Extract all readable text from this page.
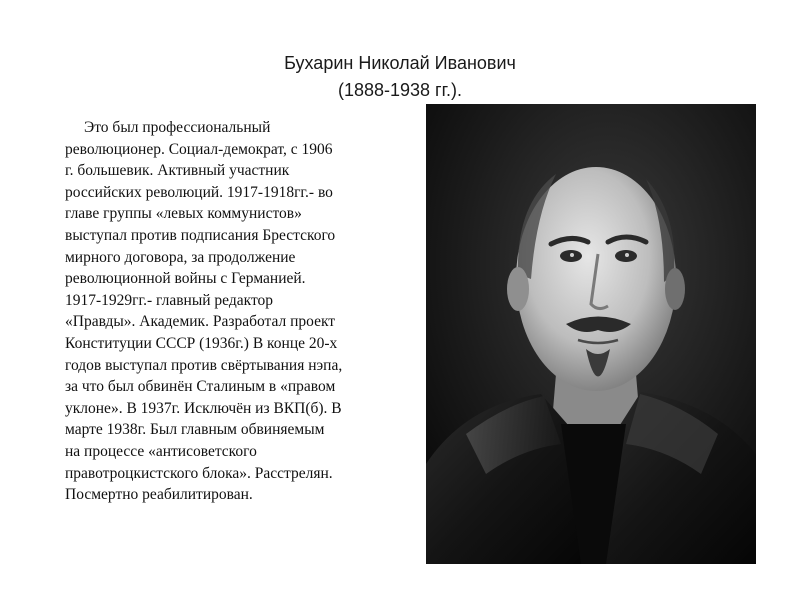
Бухарин Николай Иванович
(1888-1938 гг.).
Это был профессиональный
революционер. Социал-демократ, с 1906
г. большевик. Активный участник
российских революций. 1917-1918гг.- во
главе группы «левых коммунистов»
выступал против подписания Брестского
мирного договора, за продолжение
революционной войны с Германией.
1917-1929гг.- главный редактор
«Правды». Академик. Разработал проект
Конституции СССР (1936г.) В конце 20-х
годов выступал против свёртывания нэпа,
за что был обвинён Сталиным в «правом
уклоне». В 1937г. Исключён из ВКП(б). В
марте 1938г. Был главным обвиняемым
на процессе «антисоветского
правотроцкистского блока». Расстрелян.
Посмертно реабилитирован.
